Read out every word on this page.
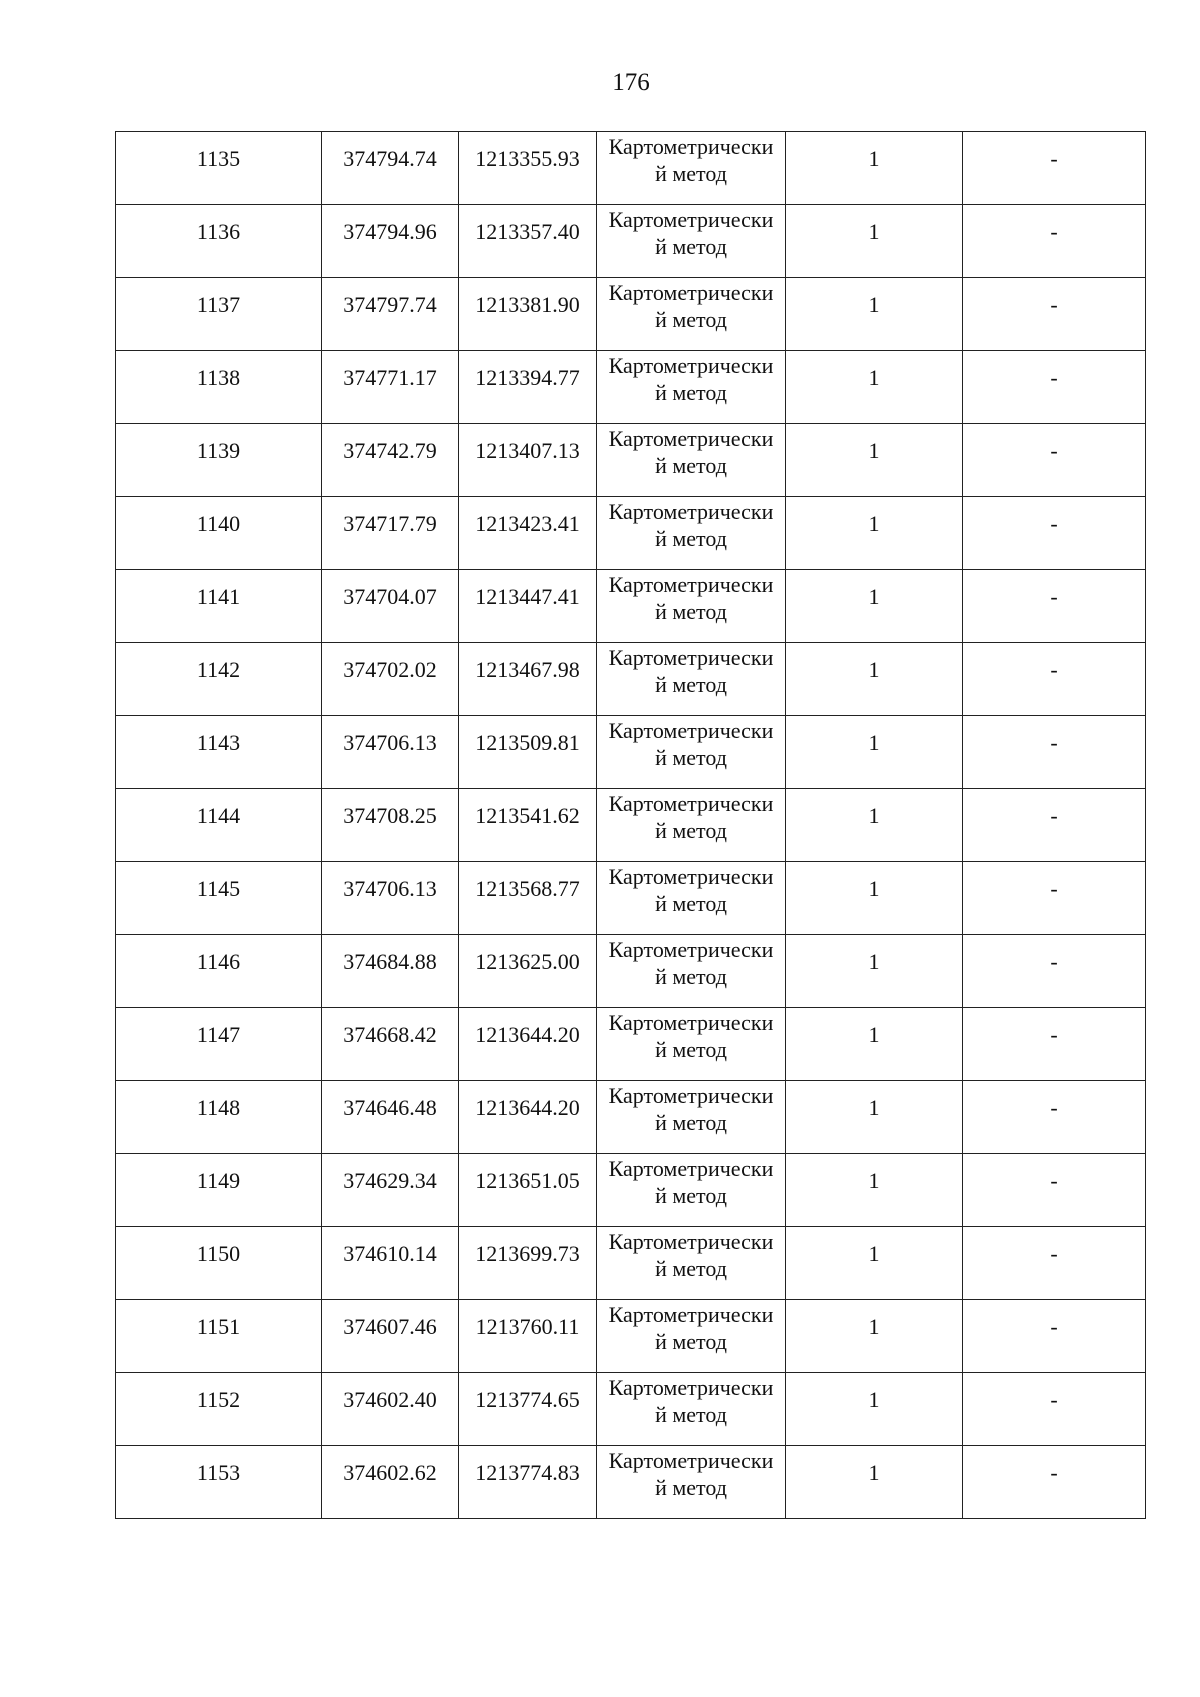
176
1135	374794.74	1213355.93	Картометрически
й метод	1	-

1136	374794.96	1213357.40	Картометрически
й метод	1	-

1137	374797.74	1213381.90	Картометрически
й метод	1	-

1138	374771.17	1213394.77	Картометрически
й метод	1	-

1139	374742.79	1213407.13	Картометрически
й метод	1	-

1140	374717.79	1213423.41	Картометрически
й метод	1	-

1141	374704.07	1213447.41	Картометрически
й метод	1	-

1142	374702.02	1213467.98	Картометрически
й метод	1	-

1143	374706.13	1213509.81	Картометрически
й метод	1	-

1144	374708.25	1213541.62	Картометрически
й метод	1	-

1145	374706.13	1213568.77	Картометрически
й метод	1	-

1146	374684.88	1213625.00	Картометрически
й метод	1	-

1147	374668.42	1213644.20	Картометрически
й метод	1	-

1148	374646.48	1213644.20	Картометрически
й метод	1	-

1149	374629.34	1213651.05	Картометрически
й метод	1	-

1150	374610.14	1213699.73	Картометрически
й метод	1	-

1151	374607.46	1213760.11	Картометрически
й метод	1	-

1152	374602.40	1213774.65	Картометрически
й метод	1	-

1153	374602.62	1213774.83	Картометрически
й метод	1	-
